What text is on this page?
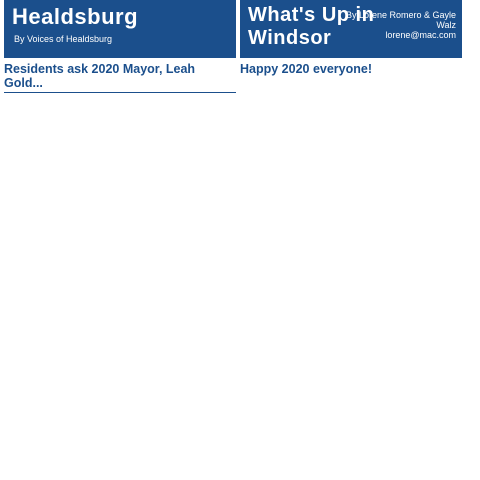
Healdsburg
By Voices of Healdsburg
Residents ask 2020 Mayor, Leah Gold...
What's Up in Windsor
By Lorene Romero & Gayle Walz
lorene@mac.com
Happy 2020 everyone!
